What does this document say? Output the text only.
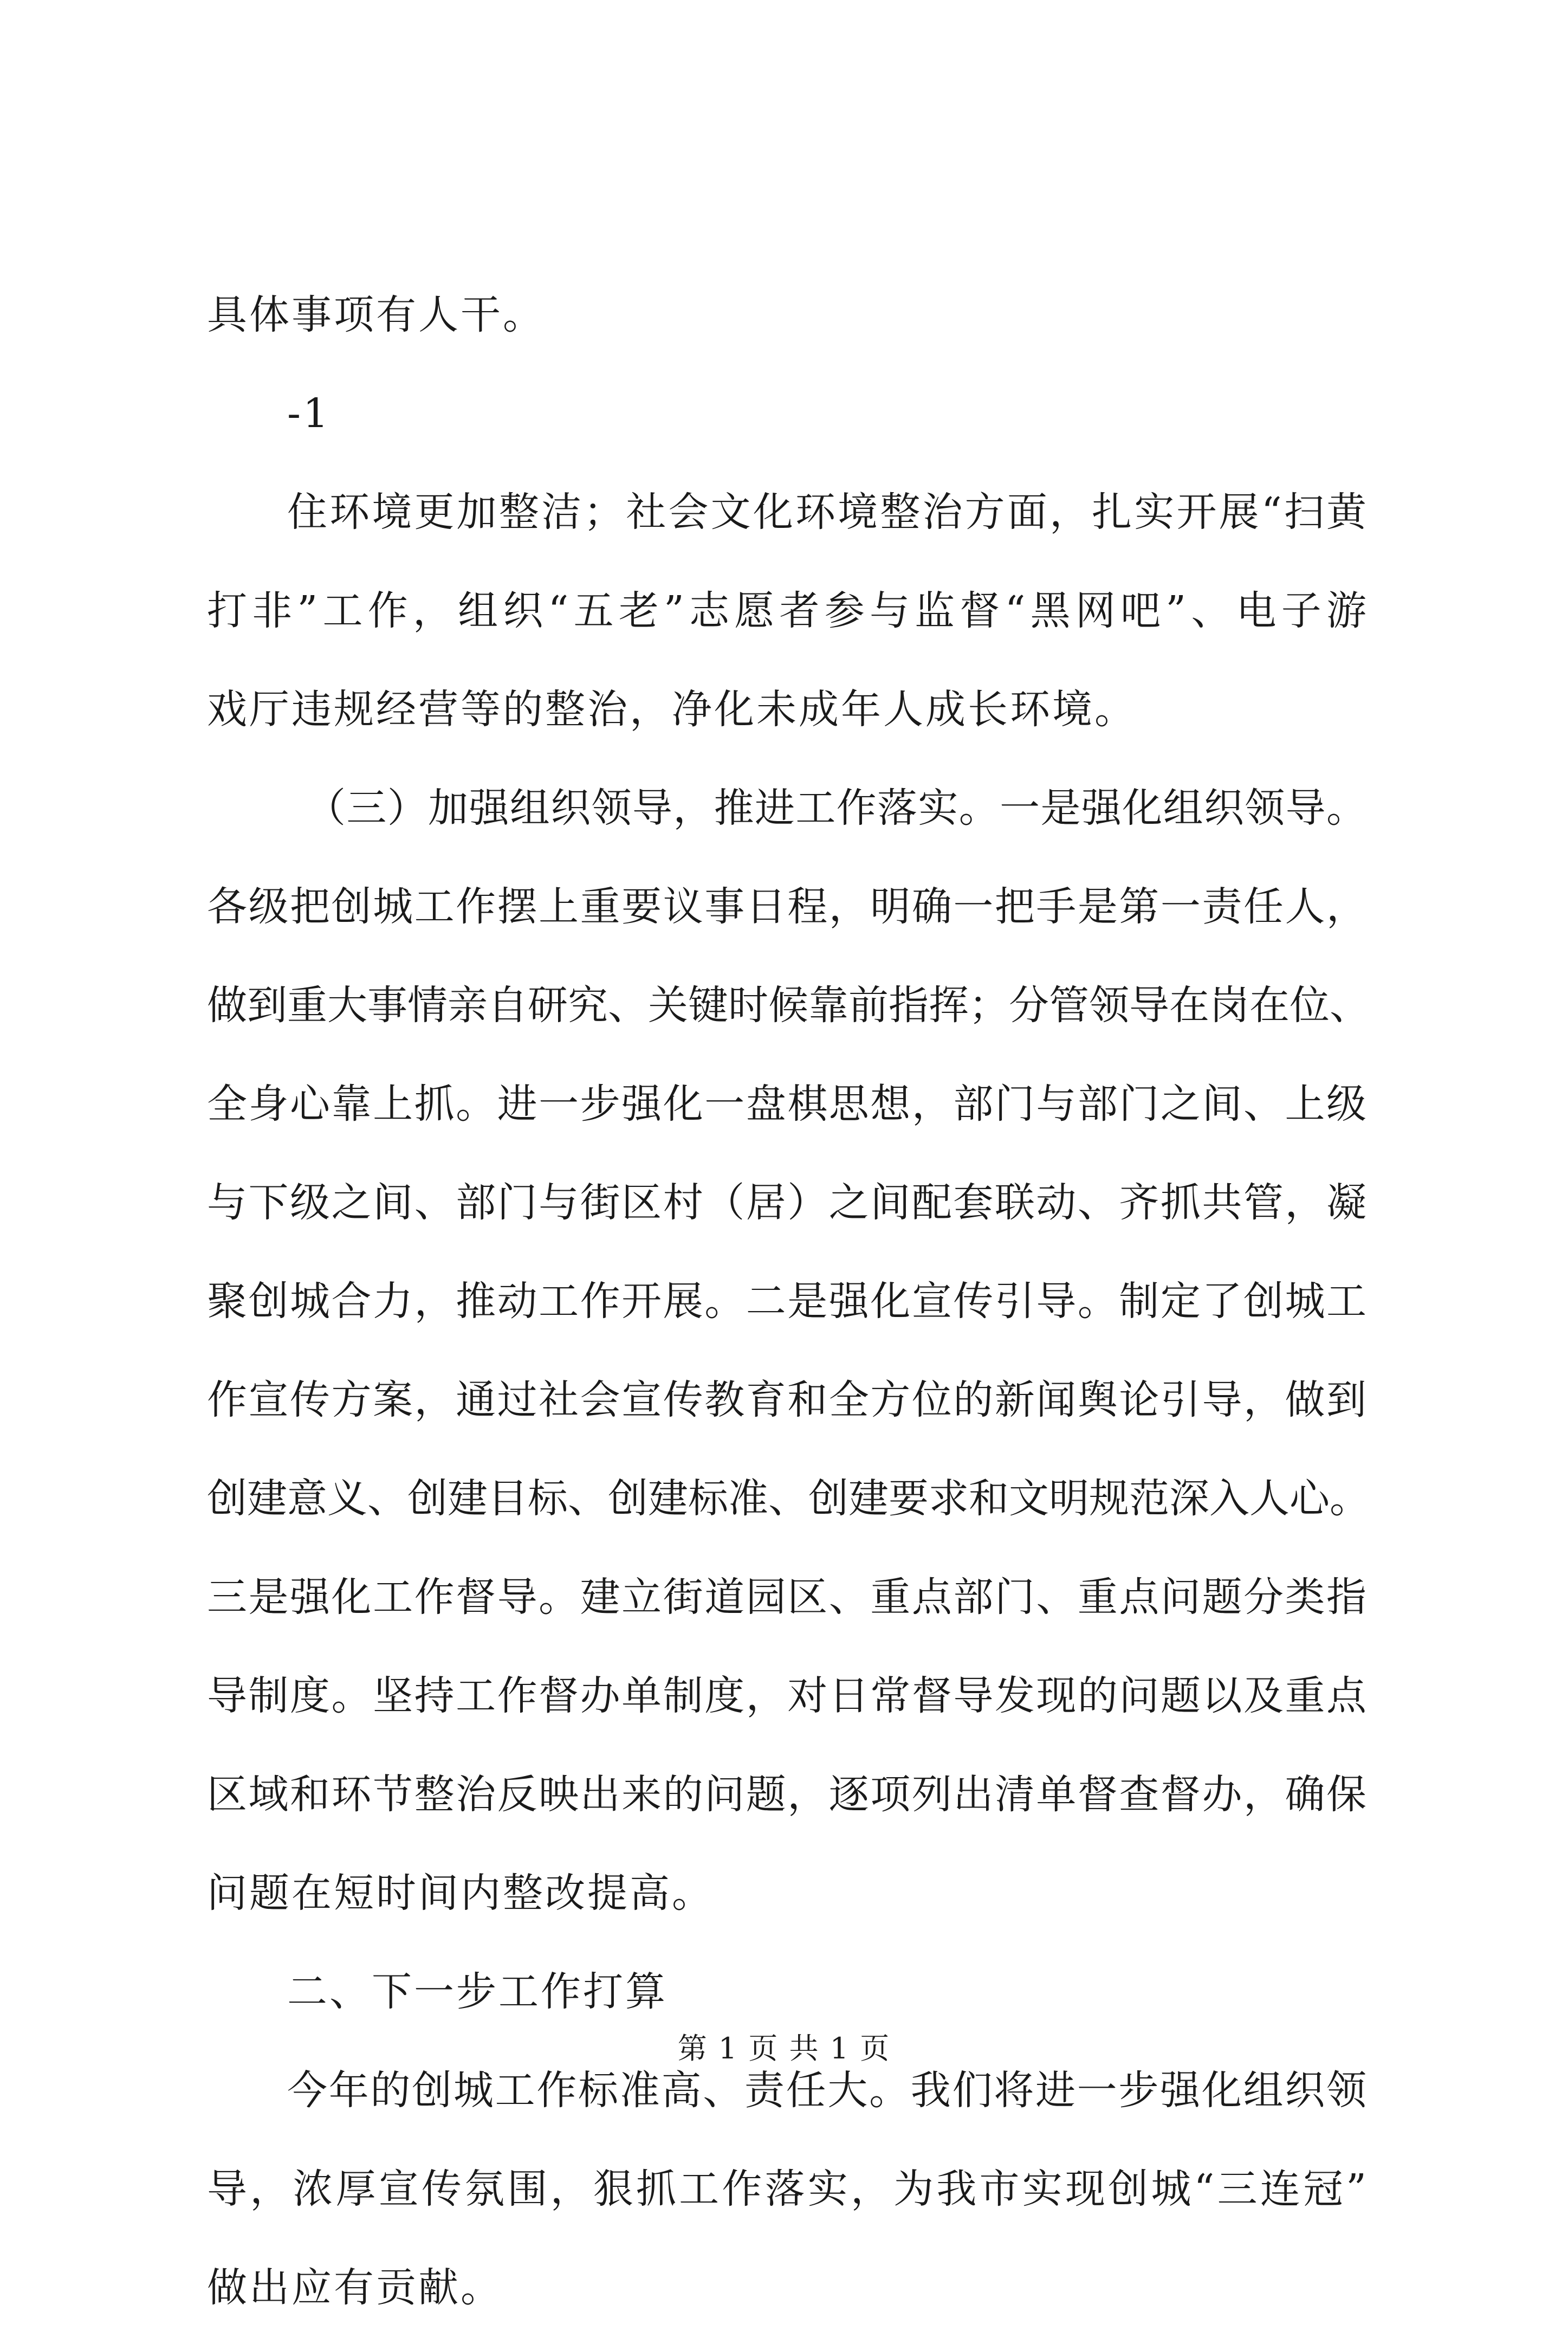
具体事项有人干。
-1
住环境更加整洁；社会文化环境整治方面，扎实开展“扫黄
打非”工作，组织“五老”志愿者参与监督“黑网吧”、电子游
戏厅违规经营等的整治，净化未成年人成长环境。
（三）加强组织领导，推进工作落实。一是强化组织领导。
各级把创城工作摆上重要议事日程，明确一把手是第一责任人，
做到重大事情亲自研究、关键时候靠前指挥；分管领导在岗在位、
全身心靠上抓。进一步强化一盘棋思想，部门与部门之间、上级
与下级之间、部门与街区村（居）之间配套联动、齐抓共管，凝
聚创城合力，推动工作开展。二是强化宣传引导。制定了创城工
作宣传方案，通过社会宣传教育和全方位的新闻舆论引导，做到
创建意义、创建目标、创建标准、创建要求和文明规范深入人心。
三是强化工作督导。建立街道园区、重点部门、重点问题分类指
导制度。坚持工作督办单制度，对日常督导发现的问题以及重点
区域和环节整治反映出来的问题，逐项列出清单督查督办，确保
问题在短时间内整改提高。
二、下一步工作打算
今年的创城工作标准高、责任大。我们将进一步强化组织领
导，浓厚宣传氛围，狠抓工作落实，为我市实现创城“三连冠”
做出应有贡献。
第 1 页 共 1 页
